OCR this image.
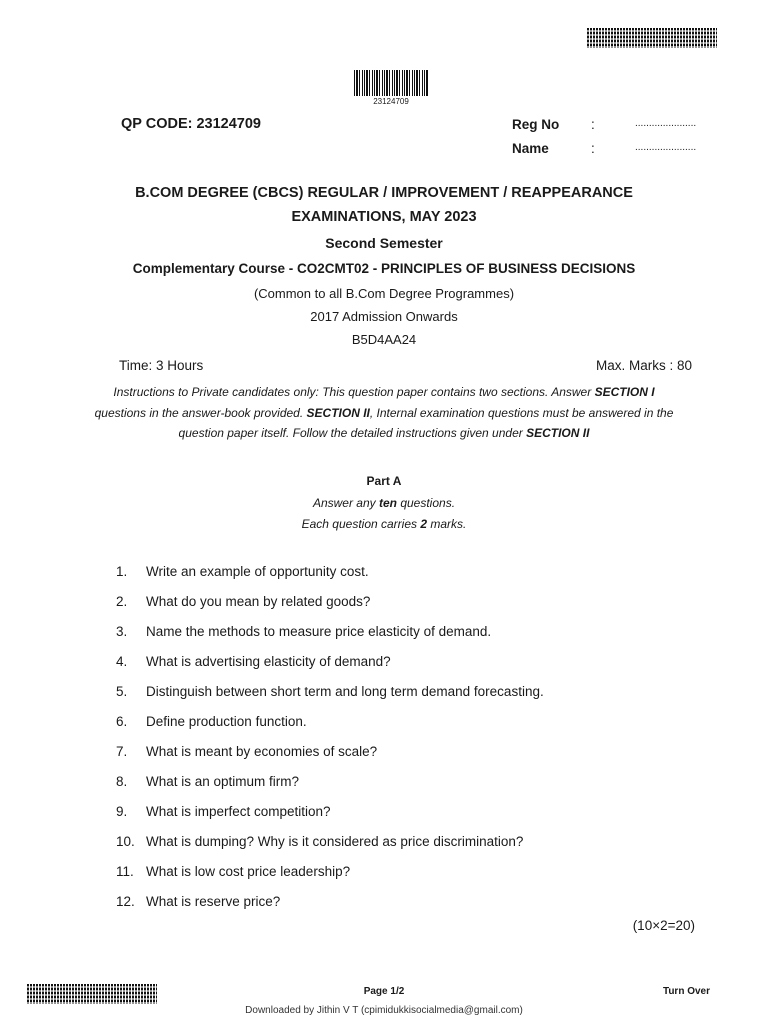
23124709
QP CODE: 23124709	Reg No :	......................
Name	:	......................
B.COM DEGREE (CBCS) REGULAR / IMPROVEMENT / REAPPEARANCE
EXAMINATIONS, MAY 2023
Second Semester
Complementary Course - CO2CMT02 - PRINCIPLES OF BUSINESS DECISIONS
(Common to all B.Com Degree Programmes)
2017 Admission Onwards
B5D4AA24
Time: 3 Hours	Max. Marks : 80
Instructions to Private candidates only: This question paper contains two sections. Answer SECTION I
questions in the answer-book provided. SECTION II, Internal examination questions must be answered in the
question paper itself. Follow the detailed instructions given under SECTION II
Part A
Answer any ten questions.
Each question carries 2 marks.
1. Write an example of opportunity cost.
2. What do you mean by related goods?
3. Name the methods to measure price elasticity of demand.
4. What is advertising elasticity of demand?
5. Distinguish between short term and long term demand forecasting.
6. Define production function.
7. What is meant by economies of scale?
8. What is an optimum firm?
9. What is imperfect competition?
10. What is dumping? Why is it considered as price discrimination?
11. What is low cost price leadership?
12. What is reserve price?
(10×2=20)
Page 1/2	Turn Over
Downloaded by Jithin V T (cpimidukkisocialmedia@gmail.com)
